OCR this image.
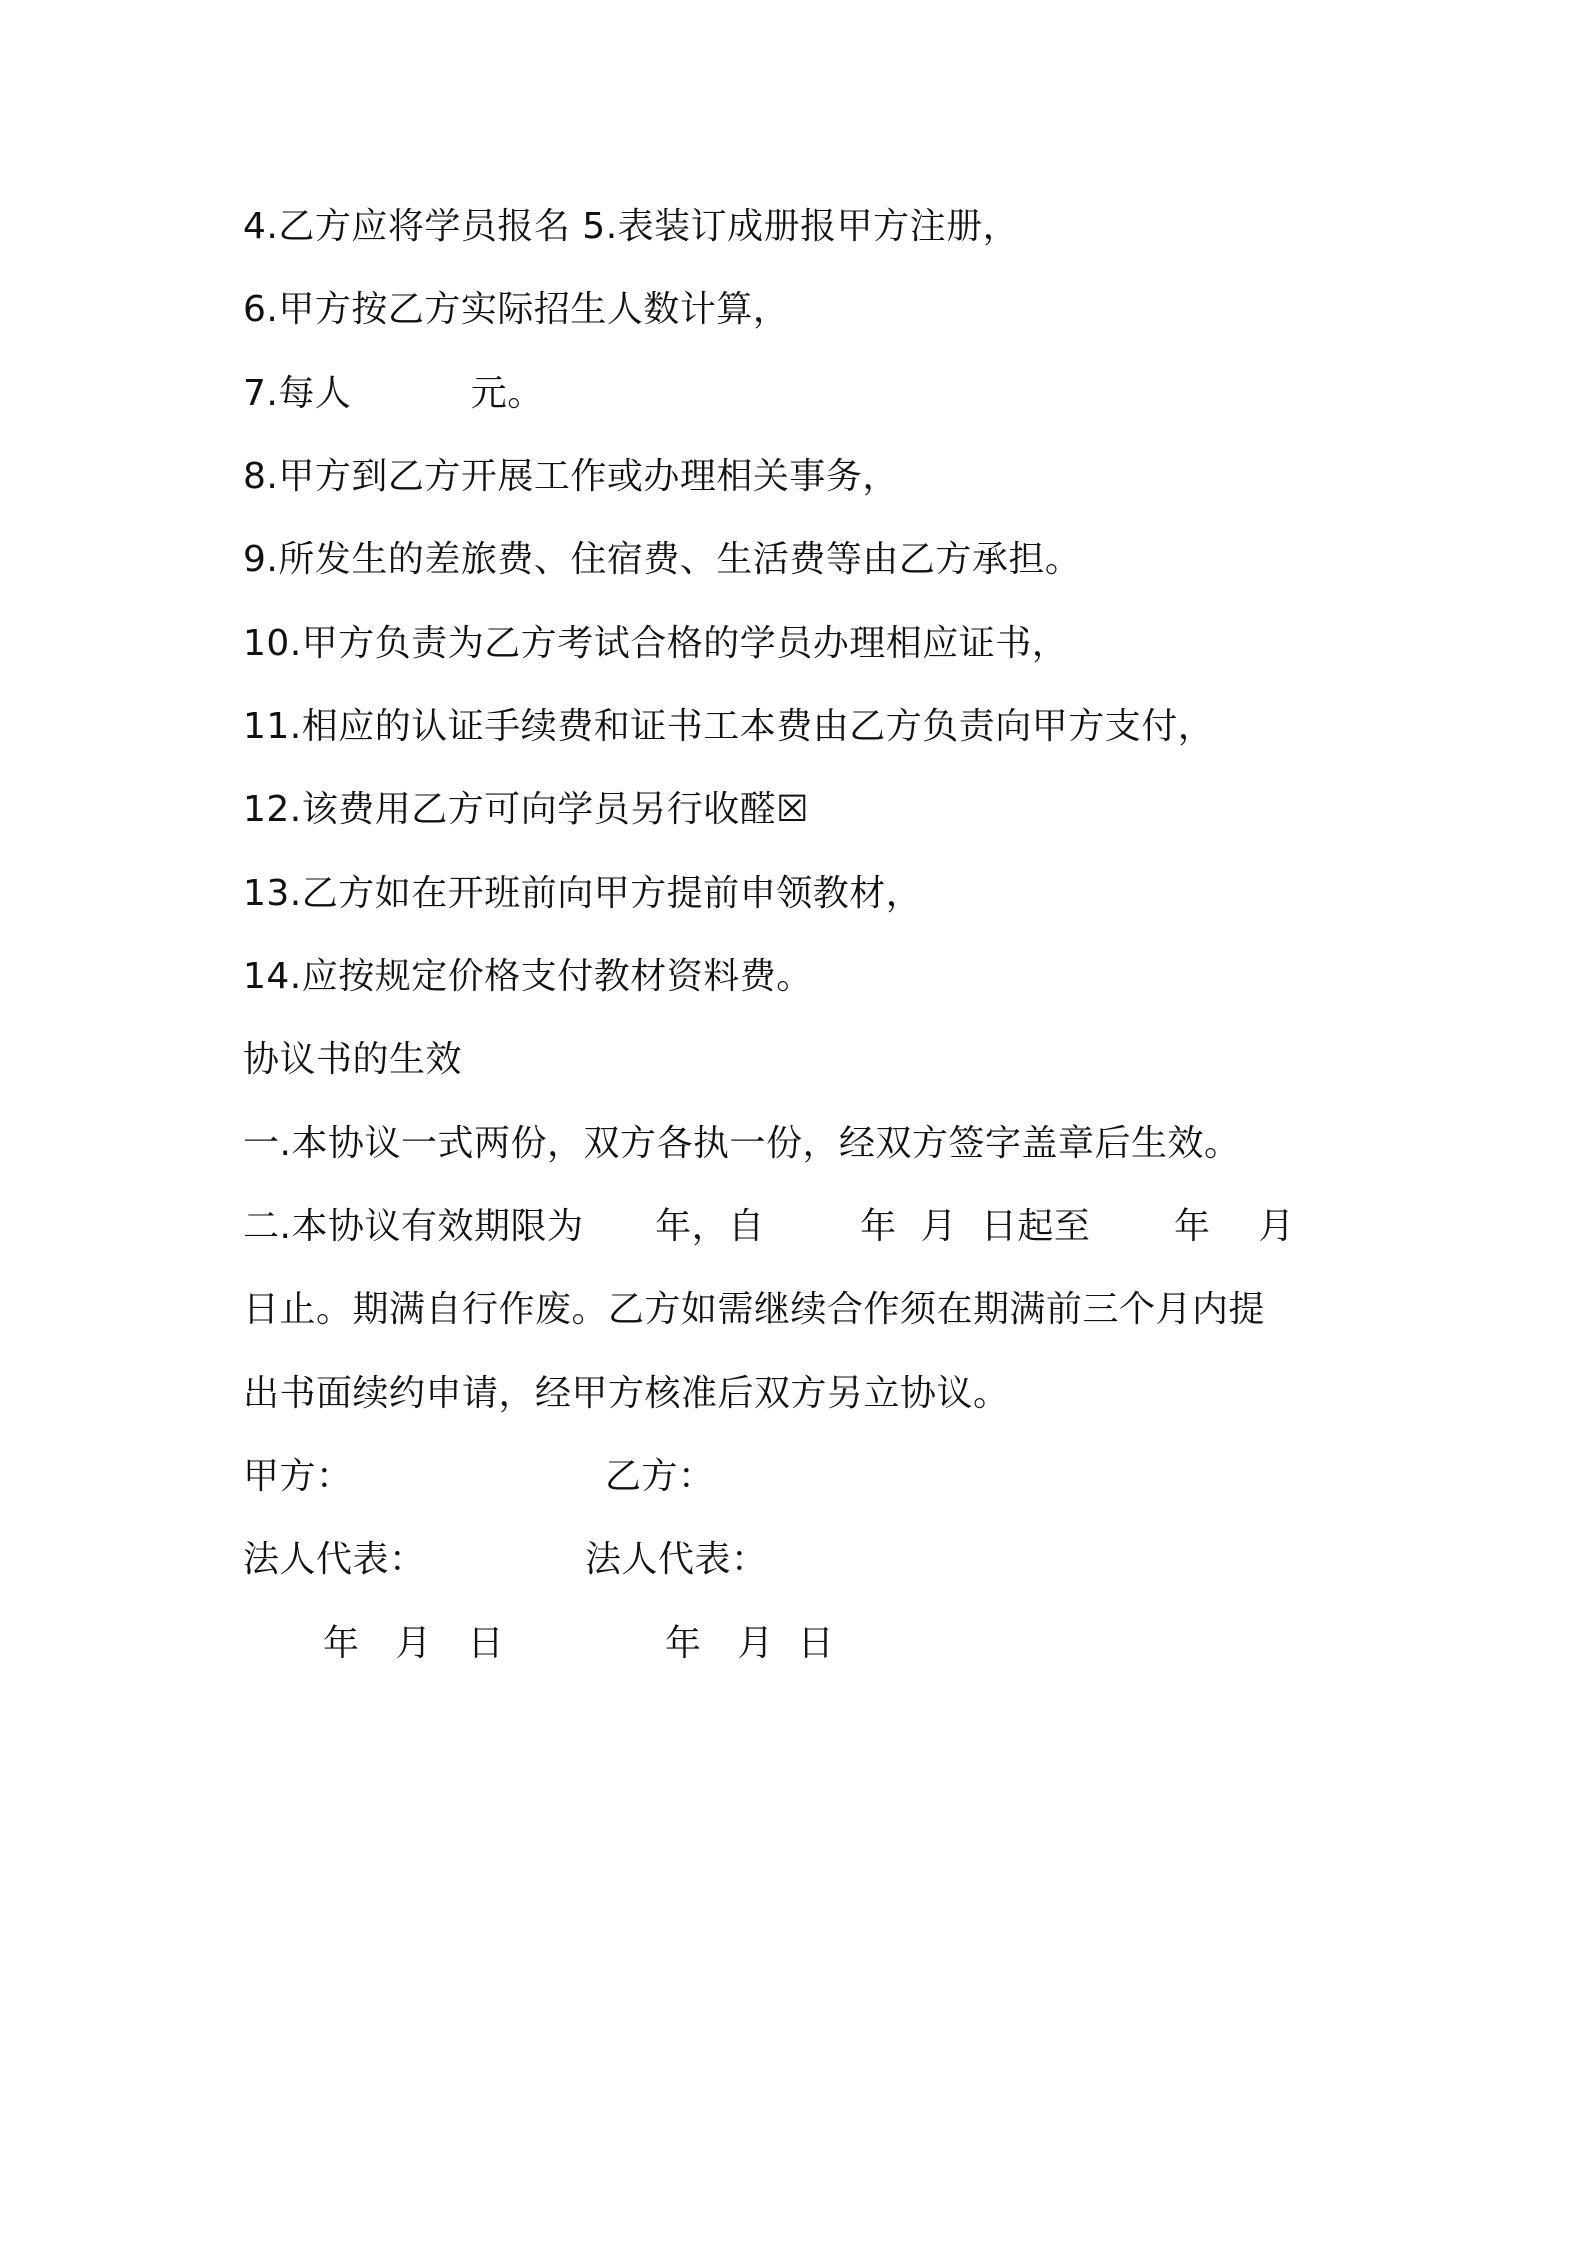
4.乙方应将学员报名 5.表装订成册报甲方注册，
6.甲方按乙方实际招生人数计算，
7.每人          元。
8.甲方到乙方开展工作或办理相关事务，
9.所发生的差旅费、住宿费、生活费等由乙方承担。
10.甲方负责为乙方考试合格的学员办理相应证书，
11.相应的认证手续费和证书工本费由乙方负责向甲方支付，
12.该费用乙方可向学员另行收醛☒
13.乙方如在开班前向甲方提前申领教材，
14.应按规定价格支付教材资料费。
协议书的生效
一.本协议一式两份，双方各执一份，经双方签字盖章后生效。
二.本协议有效期限为      年，自        年  月  日起至       年    月
日止。期满自行作废。乙方如需继续合作须在期满前三个月内提
出书面续约申请，经甲方核准后双方另立协议。
甲方：	乙方：
法人代表：	法人代表：
年   月   日	年   月  日
